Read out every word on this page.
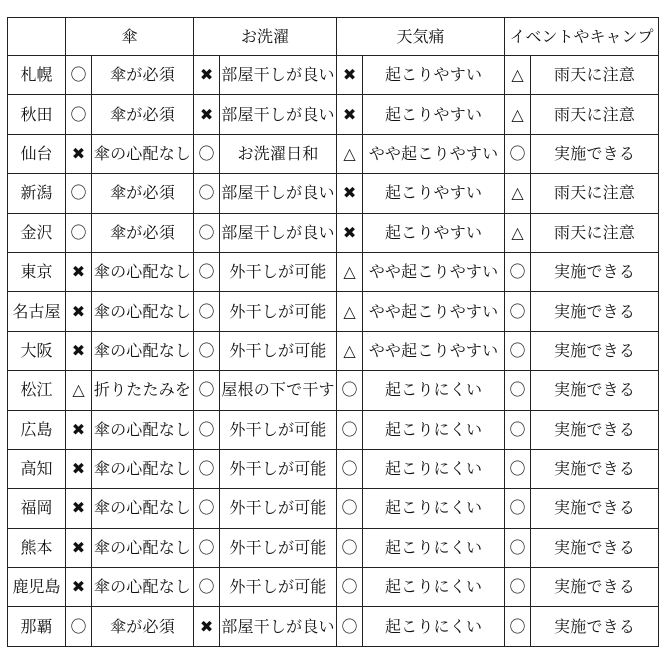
	傘		お洗濯		天気痛		イベントやキャンプ	
札幌	〇	傘が必須	✖	部屋干しが良い	✖	起こりやすい	△	雨天に注意
秋田	〇	傘が必須	✖	部屋干しが良い	✖	起こりやすい	△	雨天に注意
仙台	✖	傘の心配なし	〇	お洗濯日和	△	やや起こりやすい	〇	実施できる
新潟	〇	傘が必須	〇	部屋干しが良い	✖	起こりやすい	△	雨天に注意
金沢	〇	傘が必須	〇	部屋干しが良い	✖	起こりやすい	△	雨天に注意
東京	✖	傘の心配なし	〇	外干しが可能	△	やや起こりやすい	〇	実施できる
名古屋	✖	傘の心配なし	〇	外干しが可能	△	やや起こりやすい	〇	実施できる
大阪	✖	傘の心配なし	〇	外干しが可能	△	やや起こりやすい	〇	実施できる
松江	△	折りたたみを	〇	屋根の下で干す	〇	起こりにくい	〇	実施できる
広島	✖	傘の心配なし	〇	外干しが可能	〇	起こりにくい	〇	実施できる
高知	✖	傘の心配なし	〇	外干しが可能	〇	起こりにくい	〇	実施できる
福岡	✖	傘の心配なし	〇	外干しが可能	〇	起こりにくい	〇	実施できる
熊本	✖	傘の心配なし	〇	外干しが可能	〇	起こりにくい	〇	実施できる
鹿児島	✖	傘の心配なし	〇	外干しが可能	〇	起こりにくい	〇	実施できる
那覇	〇	傘が必須	✖	部屋干しが良い	〇	起こりにくい	〇	実施できる
